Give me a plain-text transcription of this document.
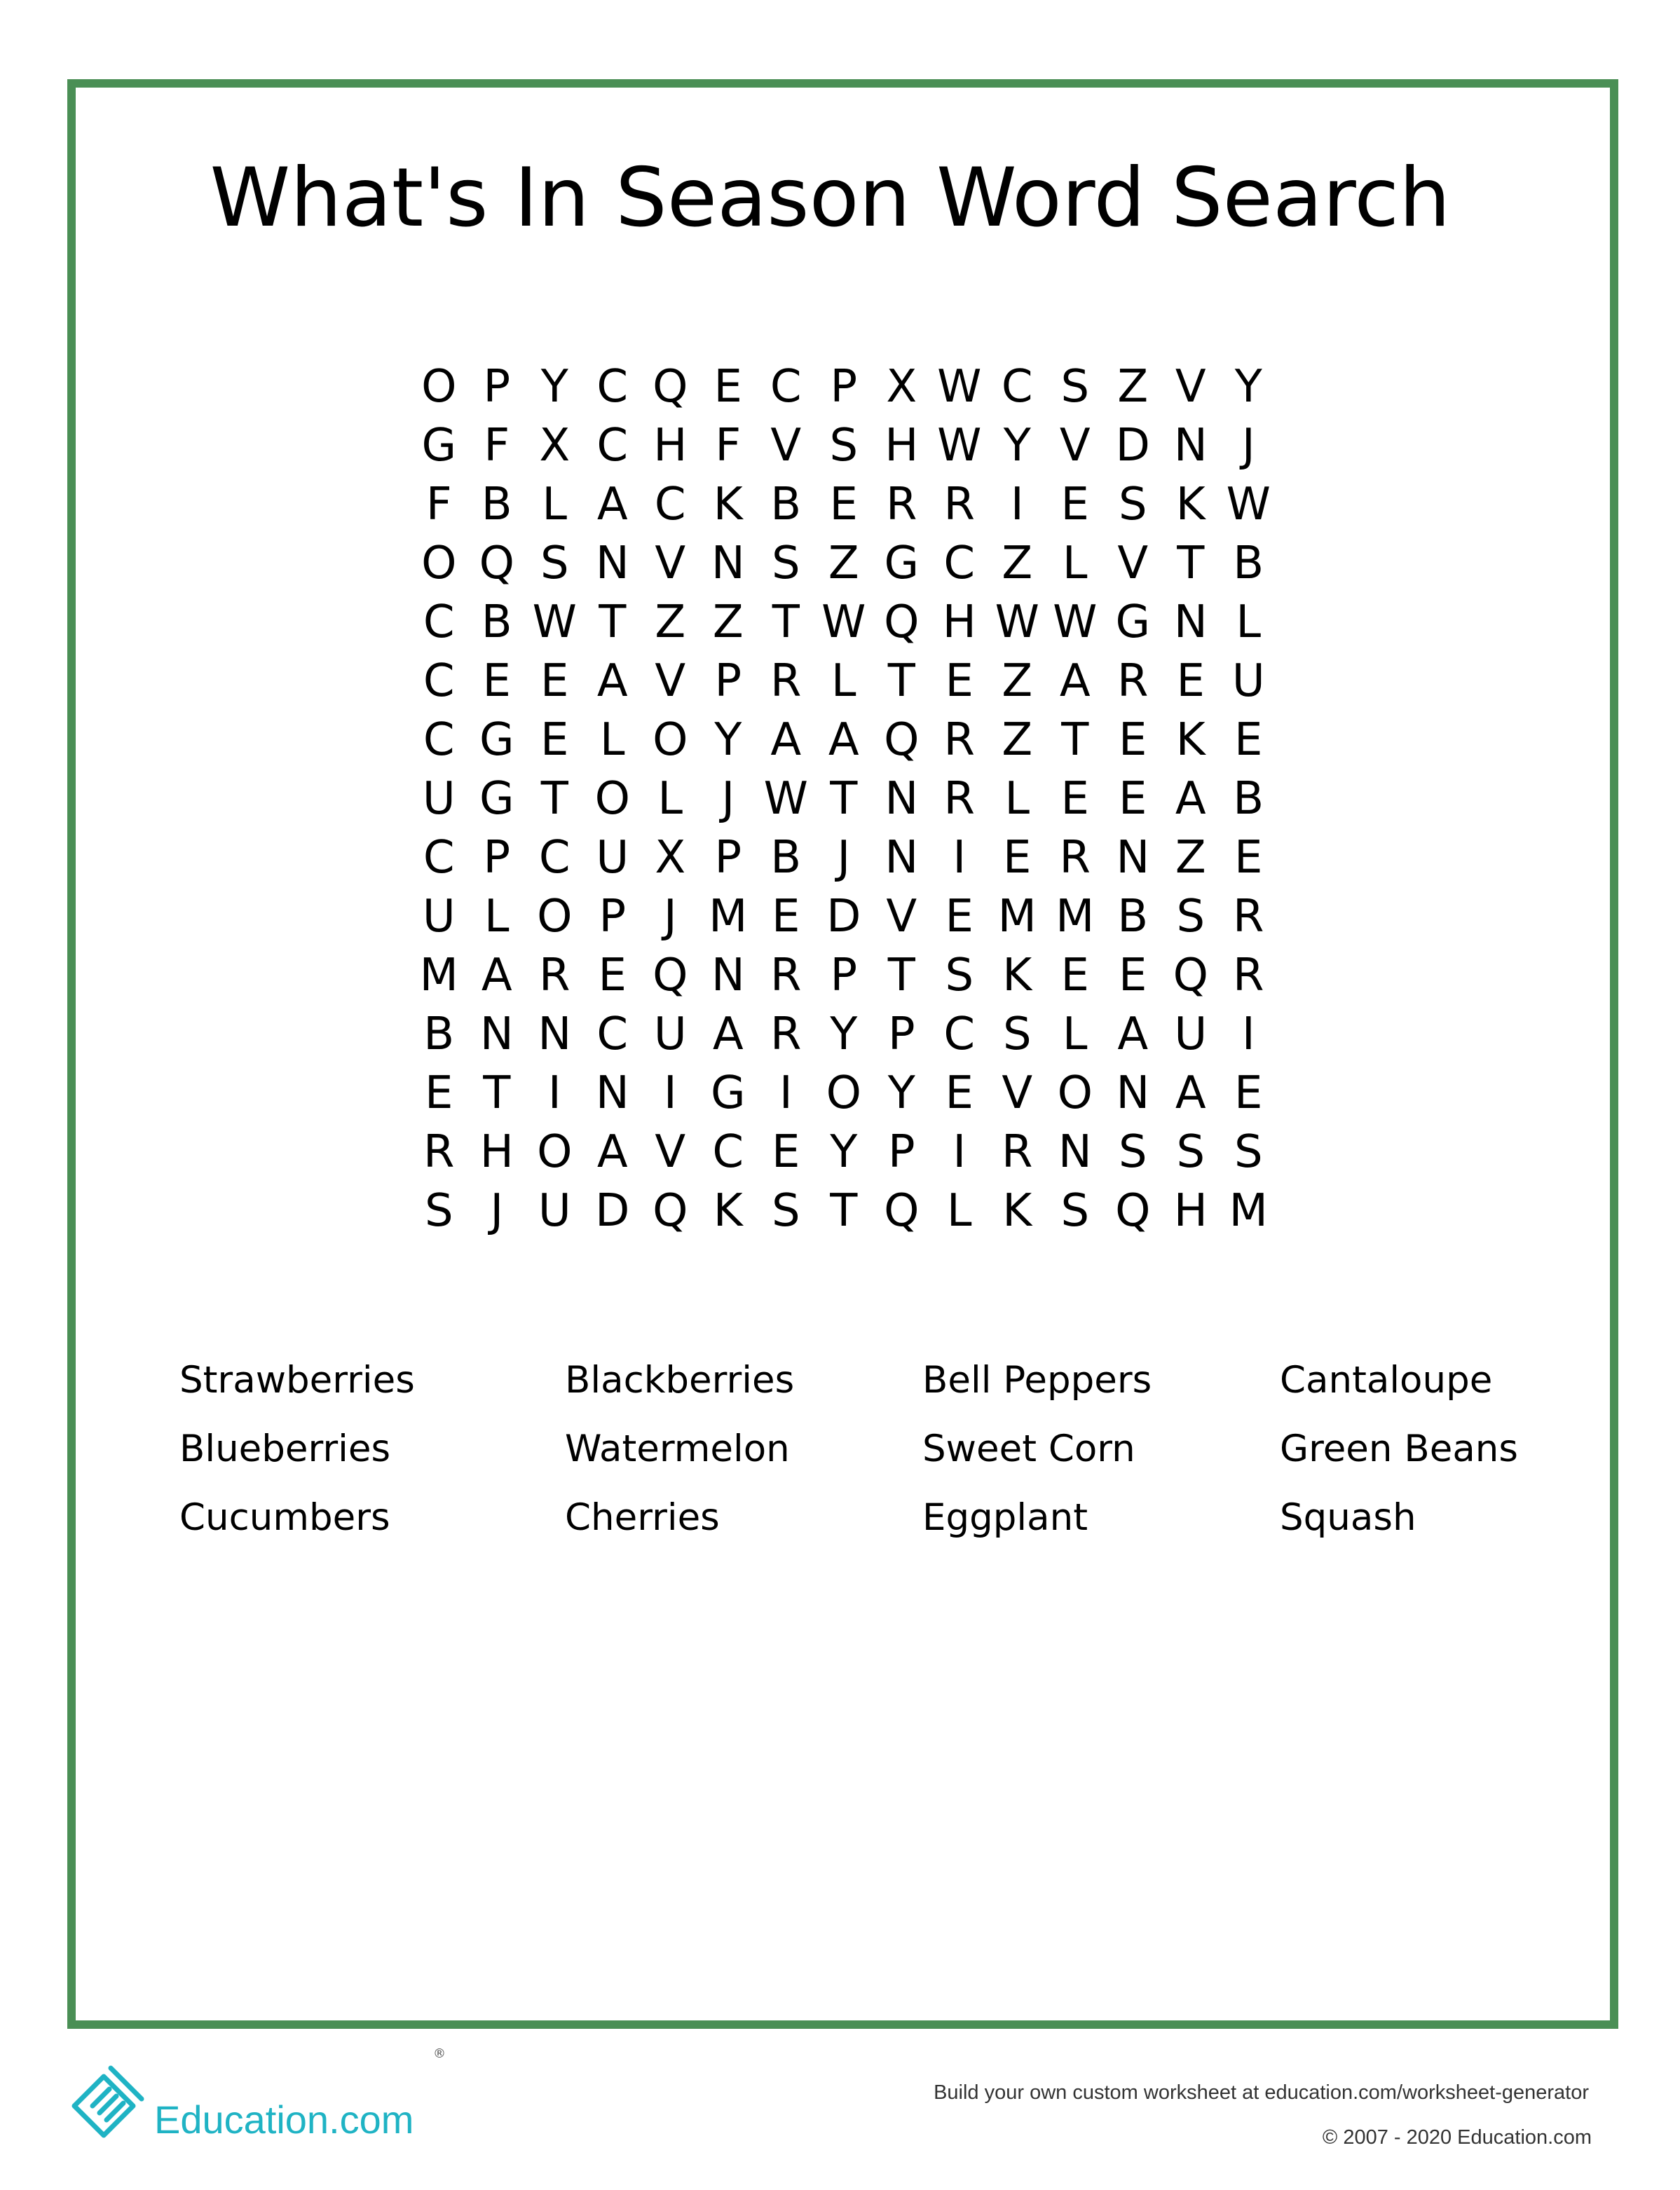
What's In Season Word Search
O P Y C Q E C P X W C S Z V Y
G F X C H F V S H W Y V D N J
F B L A C K B E R R I E S K W
O Q S N V N S Z G C Z L V T B
C B W T Z Z T W Q H W W G N L
C E E A V P R L T E Z A R E U
C G E L O Y A A Q R Z T E K E
U G T O L J W T N R L E E A B
C P C U X P B J N I E R N Z E
U L O P J M E D V E M M B S R
M A R E Q N R P T S K E E Q R
B N N C U A R Y P C S L A U I
E T I N I G I O Y E V O N A E
R H O A V C E Y P I R N S S S
S J U D Q K S T Q L K S Q H M
Strawberries	Blackberries	Bell Peppers	Cantaloupe
Blueberries	Watermelon	Sweet Corn	Green Beans
Cucumbers	Cherries	Eggplant	Squash
Education.com
®
Build your own custom worksheet at education.com/worksheet-generator
© 2007 - 2020 Education.com
